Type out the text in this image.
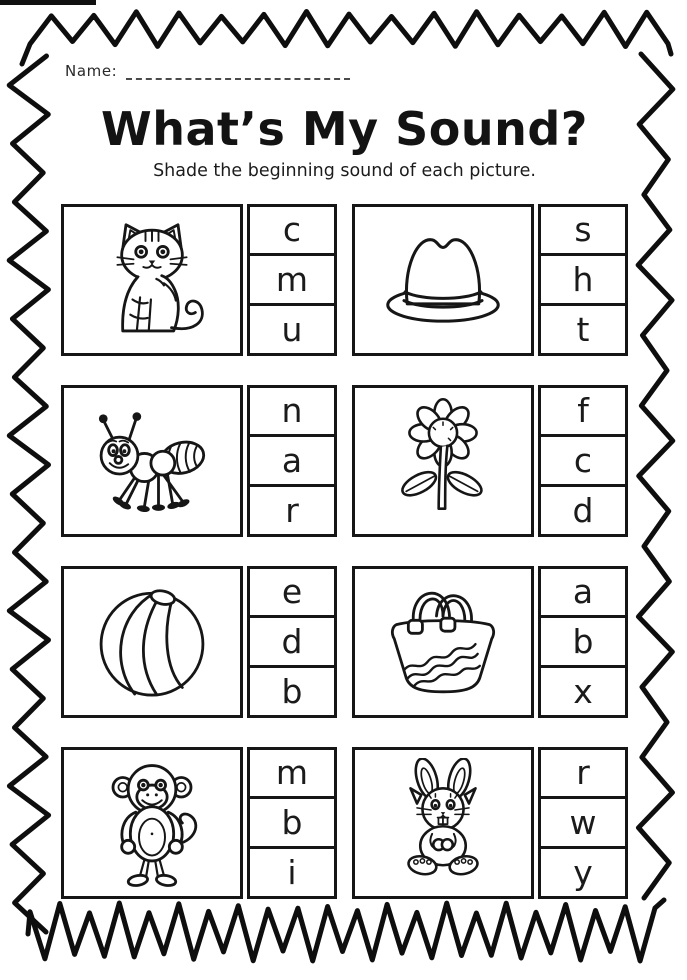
Name:
What’s My Sound?

Shade the beginning sound of each picture.

c
m
u
s
h
t
n
a
r
f
c
d
e
d
b
a
b
x
m
b
i
r
w
y
